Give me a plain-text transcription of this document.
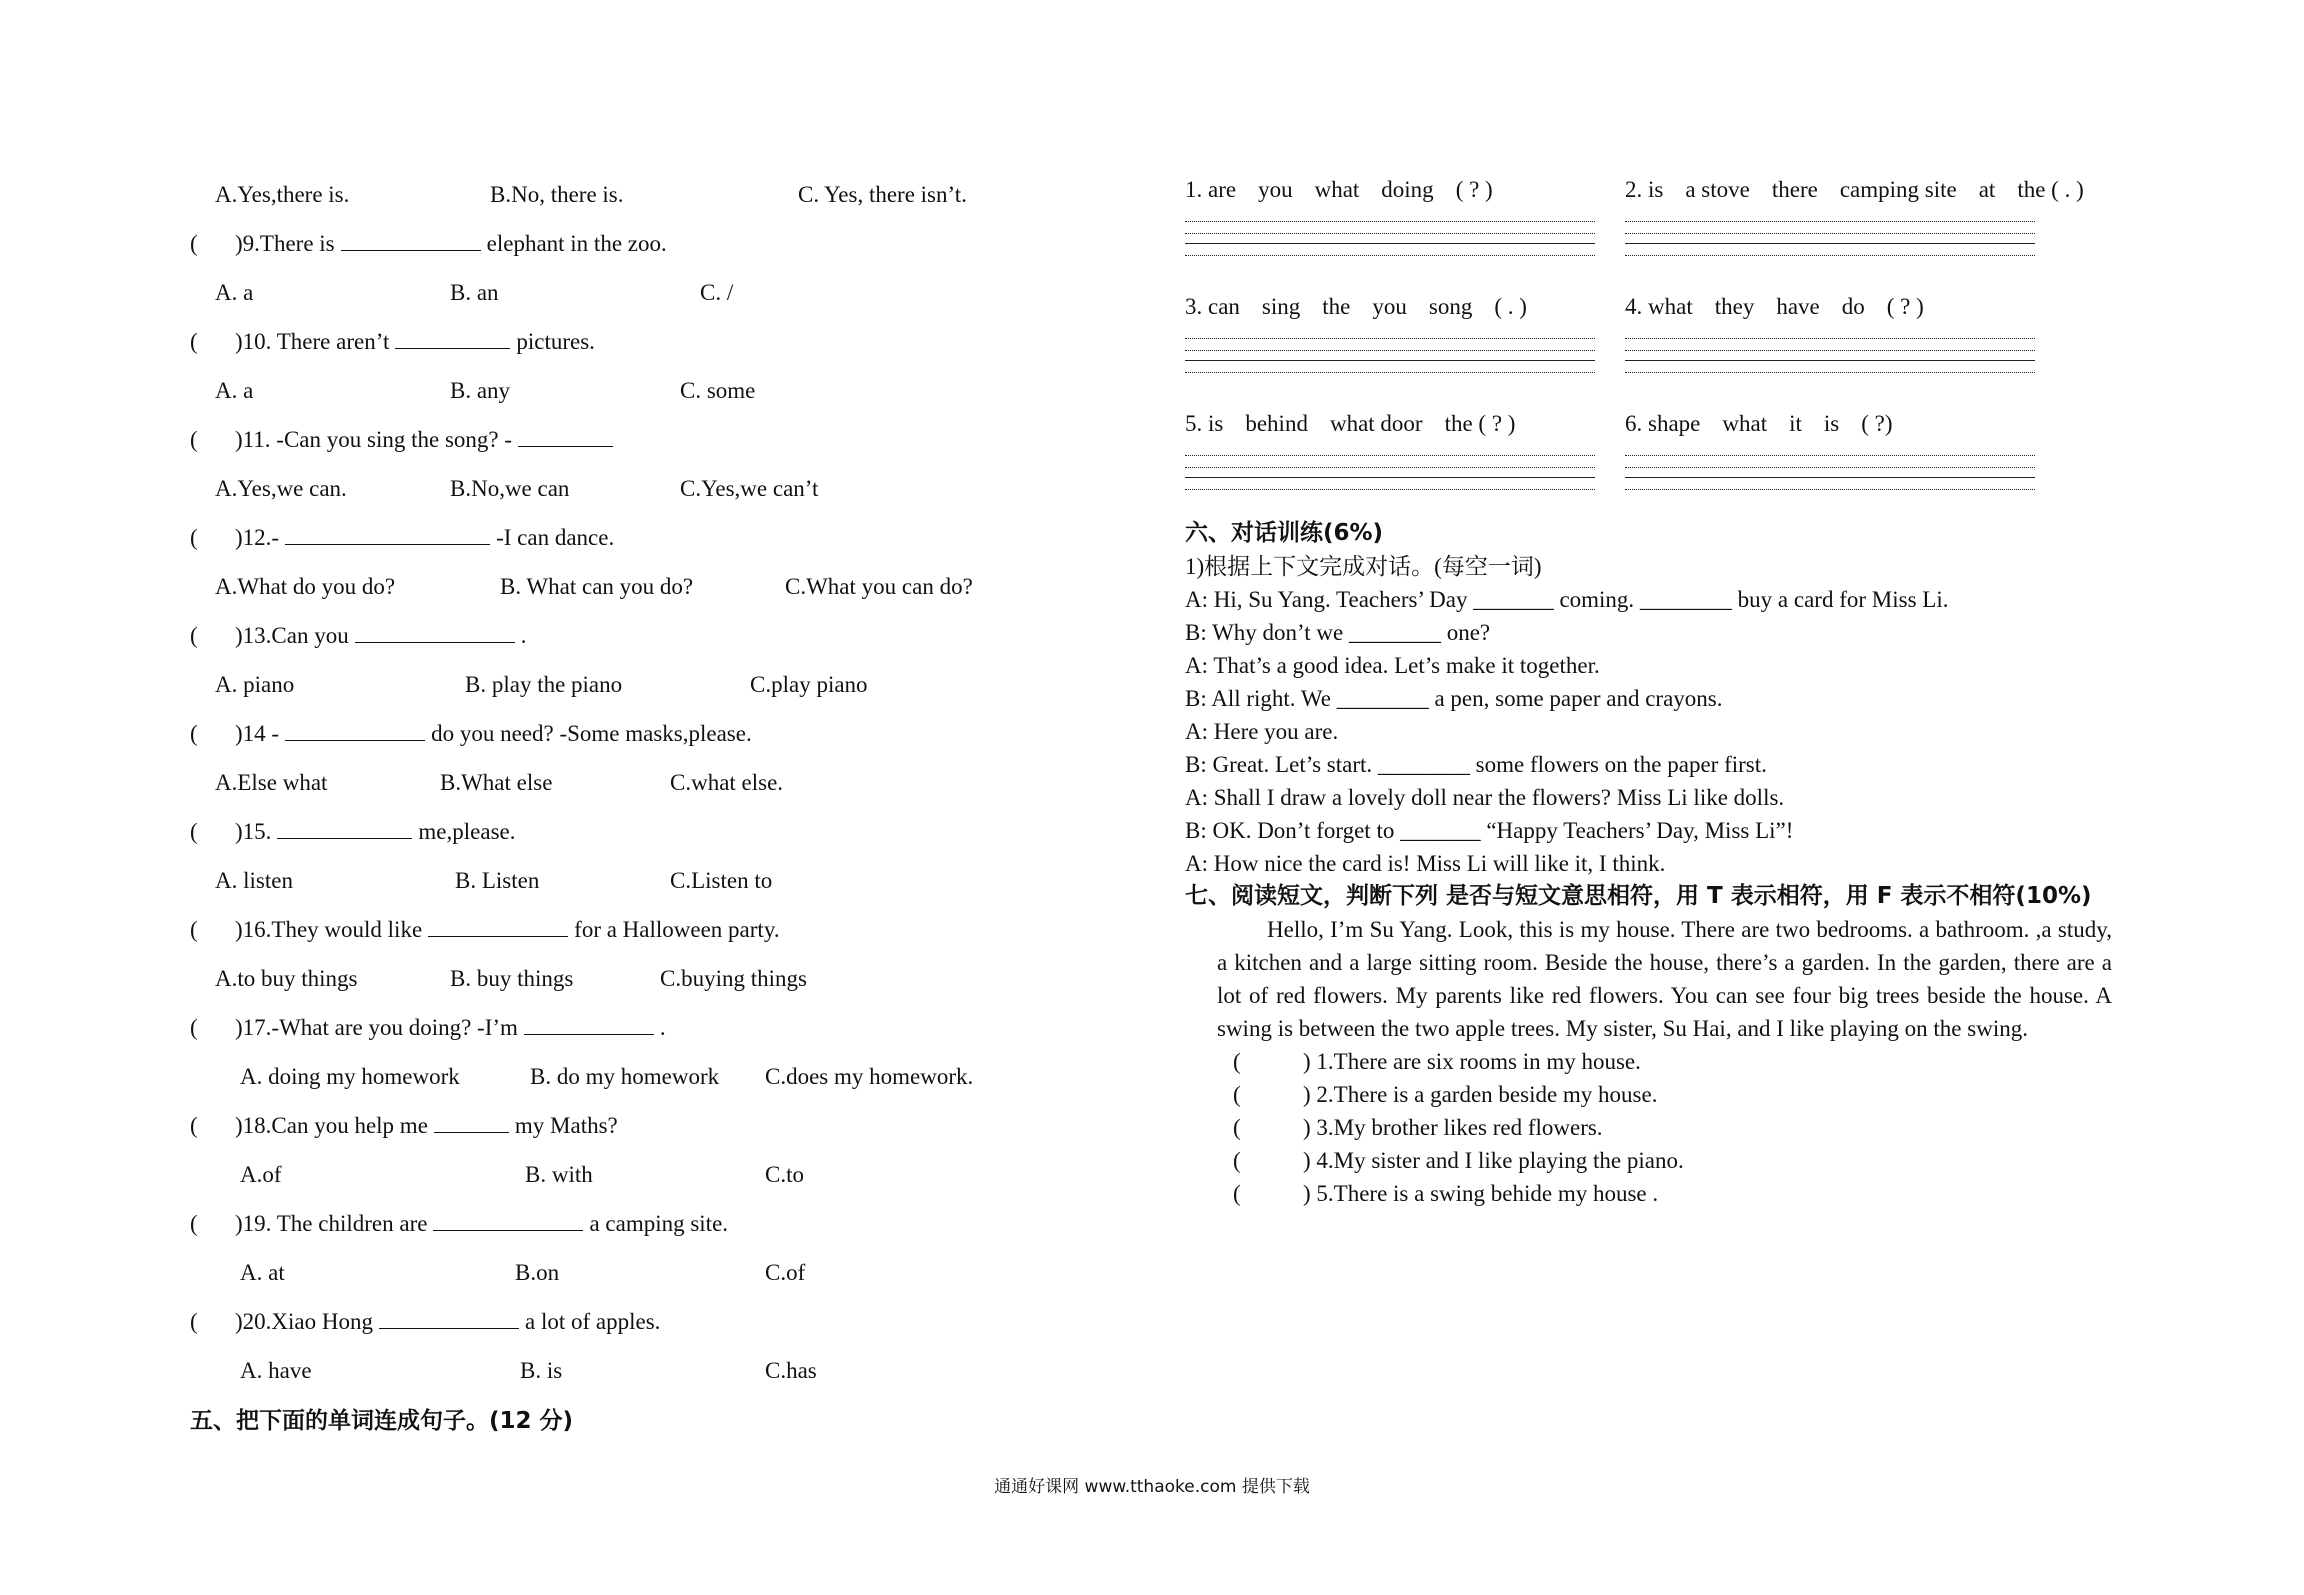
A.Yes,there is.	B.No, there is.	C. Yes, there isn’t.
( )9.There is	elephant in the zoo.
A. a	B. an	C. /
( )10. There aren’t	pictures.
A. a	B. any	C. some
( )11. -Can you sing the song? -
A.Yes,we can.	B.No,we can	C.Yes,we can’t
( )12.-	-I can dance.
A.What do you do?	B. What can you do?	C.What you can do?
( )13.Can you	.
A. piano	B. play the piano	C.play piano
( )14 -	do you need? -Some masks,please.
A.Else what	B.What else	C.what else.
( )15.	me,please.
A. listen	B. Listen	C.Listen to
( )16.They would like	for a Halloween party.
A.to buy things	B. buy things	C.buying things
( )17.-What are you doing? -I’m	.
A. doing my homework	B. do my homework C.does my homework.
( )18.Can you help me	my Maths?
A.of	B. with	C.to
( )19. The children are	a camping site.
A. at	B.on	C.of
( )20.Xiao Hong	a lot of apples.
A. have	B. is	C.has
五、把下面的单词连成句子。(12 分)
1. are you what doing ( ? )	2. is a stove there camping site at the ( . )
3. can sing the you song ( . )	4. what they have do ( ? )
5. is behind what door the ( ? )	6. shape what it is ( ?)
六、对话训练(6%)
1)根据上下文完成对话。(每空一词)
A: Hi, Su Yang. Teachers’ Day _______ coming. ________ buy a card for Miss Li.
B: Why don’t we ________ one?
A: That’s a good idea. Let’s make it together.
B: All right. We ________ a pen, some paper and crayons.
A: Here you are.
B: Great. Let’s start. ________ some flowers on the paper first.
A: Shall I draw a lovely doll near the flowers? Miss Li like dolls.
B: OK. Don’t forget to _______ “Happy Teachers’ Day, Miss Li”!
A: How nice the card is! Miss Li will like it, I think.
七、阅读短文，判断下列 是否与短文意思相符，用 T 表示相符，用 F 表示不相符(10%)
Hello, I’m Su Yang. Look, this is my house. There are two bedrooms. a bathroom. ,a study, a kitchen and a large sitting room. Beside the house, there’s a garden. In the garden, there are a lot of red flowers. My parents like red flowers. You can see four big trees beside the house. A swing is between the two apple trees. My sister, Su Hai, and I like playing on the swing.
(	) 1.There are six rooms in my house.
(	) 2.There is a garden beside my house.
(	) 3.My brother likes red flowers.
(	) 4.My sister and I like playing the piano.
(	) 5.There is a swing behide my house .
通通好课网 www.tthaoke.com 提供下载
